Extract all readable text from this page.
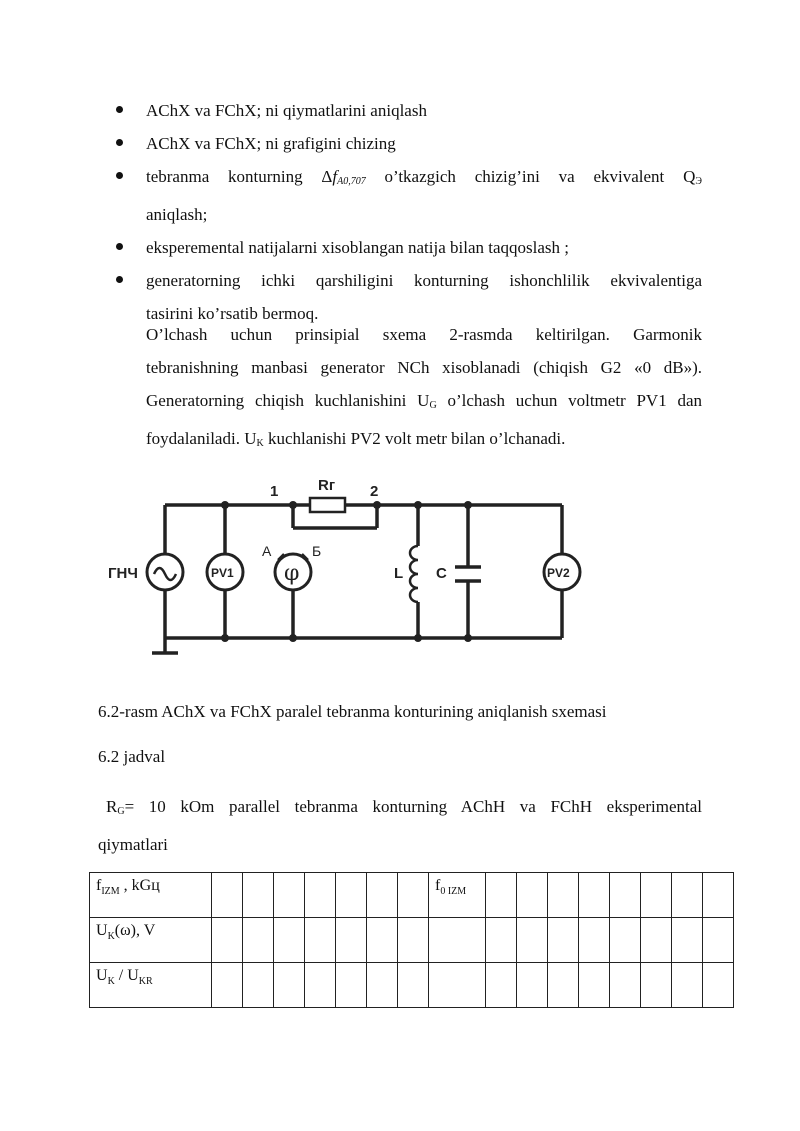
AChX va FChX; ni qiymatlarini aniqlash
AChX va FChX; ni grafigini chizing
tebranma konturning $\Delta f_{A0,707}$ o’tkazgich chizig’ini va ekvivalent $Q_Э$
aniqlash;
eksperemental natijalarni xisoblangan natija bilan taqqoslash ;
generatorning ichki qarshiligini konturning ishonchlilik ekvivalentiga
tasirini ko’rsatib bermoq.
O’lchash uchun prinsipial sxema 2-rasmda keltirilgan. Garmonik
tebranishning manbasi generator NCh xisoblanadi (chiqish G2 «0 dB»).
Generatorning chiqish kuchlanishini $U_G$ o’lchash uchun voltmetr PV1 dan
foydalaniladi. $U_K$ kuchlanishi PV2 volt metr bilan o’lchanadi.
1	2
Rг
ГНЧ	PV1	PV2
L C
φ
А	Б
6.2-rasm AChX va FChX paralel tebranma konturining aniqlanish sxemasi
6.2 jadval
$R_G= 10$ kOm parallel tebranma konturning AChH va FChH eksperimental
qiymatlari
$f_{IZM}$ , kGц								$f_{0 IZM}$								
$U_K(\omega)$, V																
$U_K / U_{KR}$																
